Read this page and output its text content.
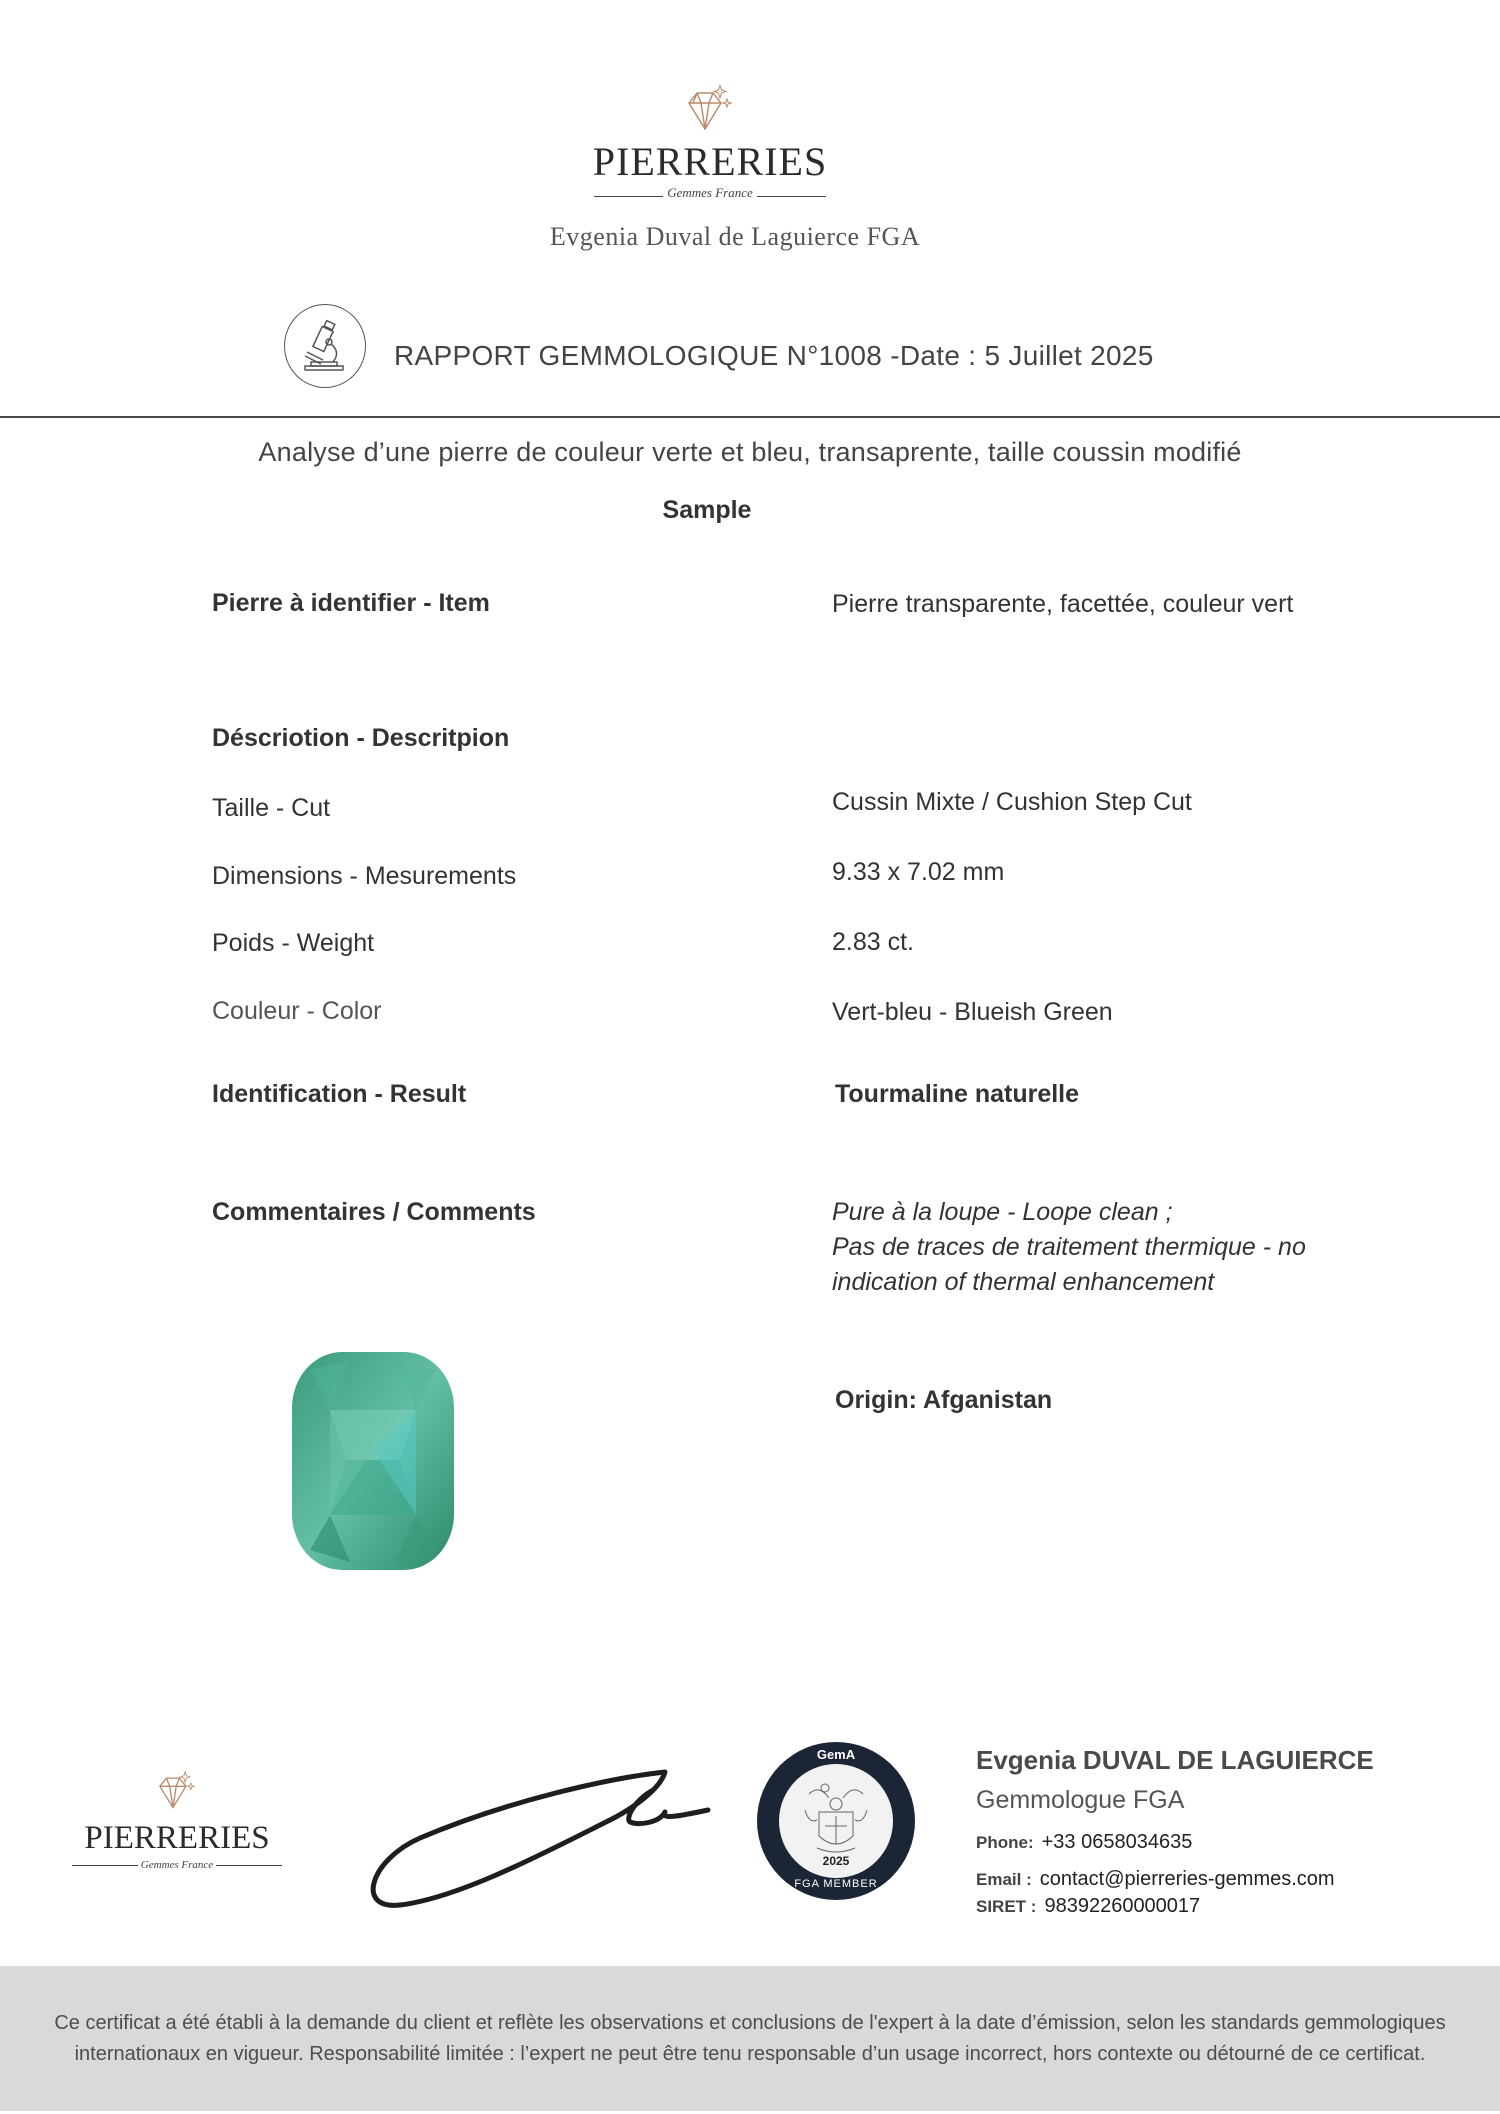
PIERRERIES
Gemmes France
Evgenia Duval de Laguierce FGA
RAPPORT GEMMOLOGIQUE N°1008 -Date : 5 Juillet 2025
Analyse d’une pierre de couleur verte et bleu, transaprente, taille coussin modifié
Sample
Pierre à identifier - Item	Pierre transparente, facettée, couleur vert
Déscriotion - Descritpion
Taille - Cut	Cussin Mixte / Cushion Step Cut
Dimensions - Mesurements	9.33 x 7.02 mm
Poids - Weight	2.83 ct.
Couleur - Color	Vert-bleu - Blueish Green
Identification - Result	Tourmaline naturelle
Commentaires / Comments	Pure à la loupe - Loope clean ;
Pas de traces de traitement thermique - no indication of thermal enhancement
Origin: Afganistan
PIERRERIES
Gemmes France
GemA
2025
FGA MEMBER
Evgenia DUVAL DE LAGUIERCE
Gemmologue FGA
Phone: +33 0658034635
Email : contact@pierreries-gemmes.com
SIRET : 98392260000017

Ce certificat a été établi à la demande du client et reflète les observations et conclusions de l'expert à la date d’émission, selon les standards gemmologiques internationaux en vigueur. Responsabilité limitée : l’expert ne peut être tenu responsable d’un usage incorrect, hors contexte ou détourné de ce certificat.
